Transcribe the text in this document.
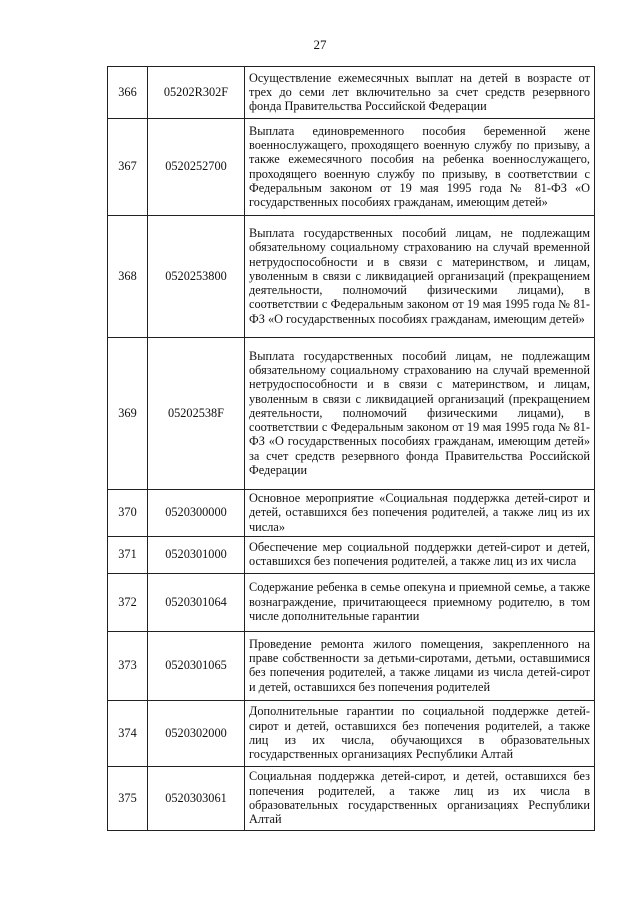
27
366	05202R302F	Осуществление ежемесячных выплат на детей в возрасте от трех до семи лет включительно за счет средств резервного фонда Правительства Российской Федерации
367	0520252700	Выплата единовременного пособия беременной жене военнослужащего, проходящего военную службу по призыву, а также ежемесячного пособия на ребенка военнослужащего, проходящего военную службу по призыву, в соответствии с Федеральным законом от 19 мая 1995 года № 81-ФЗ «О государственных пособиях гражданам, имеющим детей»
368	0520253800	Выплата государственных пособий лицам, не подлежащим обязательному социальному страхованию на случай временной нетрудоспособности и в связи с материнством, и лицам, уволенным в связи с ликвидацией организаций (прекращением деятельности, полномочий физическими лицами), в соответствии с Федеральным законом от 19 мая 1995 года № 81-ФЗ «О государственных пособиях гражданам, имеющим детей»
369	05202538F	Выплата государственных пособий лицам, не подлежащим обязательному социальному страхованию на случай временной нетрудоспособности и в связи с материнством, и лицам, уволенным в связи с ликвидацией организаций (прекращением деятельности, полномочий физическими лицами), в соответствии с Федеральным законом от 19 мая 1995 года № 81-ФЗ «О государственных пособиях гражданам, имеющим детей» за счет средств резервного фонда Правительства Российской Федерации
370	0520300000	Основное мероприятие «Социальная поддержка детей-сирот и детей, оставшихся без попечения родителей, а также лиц из их числа»
371	0520301000	Обеспечение мер социальной поддержки детей-сирот и детей, оставшихся без попечения родителей, а также лиц из их числа
372	0520301064	Содержание ребенка в семье опекуна и приемной семье, а также вознаграждение, причитающееся приемному родителю, в том числе дополнительные гарантии
373	0520301065	Проведение ремонта жилого помещения, закрепленного на праве собственности за детьми-сиротами, детьми, оставшимися без попечения родителей, а также лицами из числа детей-сирот и детей, оставшихся без попечения родителей
374	0520302000	Дополнительные гарантии по социальной поддержке детей-сирот и детей, оставшихся без попечения родителей, а также лиц из их числа, обучающихся в образовательных государственных организациях Республики Алтай
375	0520303061	Социальная поддержка детей-сирот, и детей, оставшихся без попечения родителей, а также лиц из их числа в образовательных государственных организациях Республики Алтай
